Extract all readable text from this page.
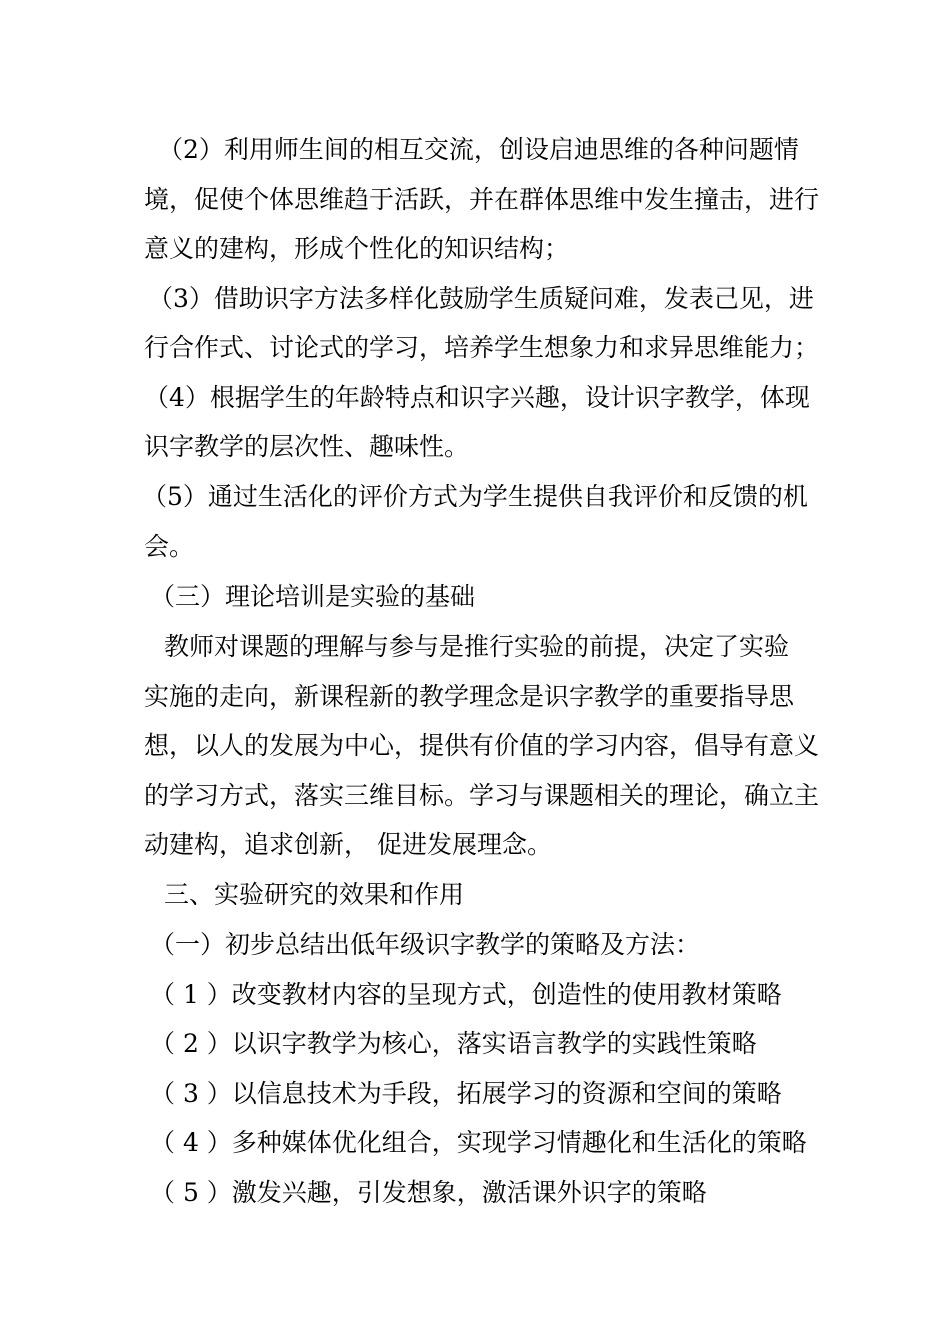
（2）利用师生间的相互交流，创设启迪思维的各种问题情
境，促使个体思维趋于活跃，并在群体思维中发生撞击，进行
意义的建构，形成个性化的知识结构；
（3）借助识字方法多样化鼓励学生质疑问难，发表己见，进
行合作式、讨论式的学习，培养学生想象力和求异思维能力；
（4）根据学生的年龄特点和识字兴趣，设计识字教学，体现
识字教学的层次性、趣味性。
（5）通过生活化的评价方式为学生提供自我评价和反馈的机
会。
（三）理论培训是实验的基础
教师对课题的理解与参与是推行实验的前提，决定了实验
实施的走向，新课程新的教学理念是识字教学的重要指导思
想，以人的发展为中心，提供有价值的学习内容，倡导有意义
的学习方式，落实三维目标。学习与课题相关的理论，确立主
动建构，追求创新， 促进发展理念。
三、实验研究的效果和作用
（一）初步总结出低年级识字教学的策略及方法：
（ 1 ）改变教材内容的呈现方式，创造性的使用教材策略
（ 2 ）以识字教学为核心，落实语言教学的实践性策略
（ 3 ）以信息技术为手段，拓展学习的资源和空间的策略
（ 4 ）多种媒体优化组合，实现学习情趣化和生活化的策略
（ 5 ）激发兴趣，引发想象，激活课外识字的策略
